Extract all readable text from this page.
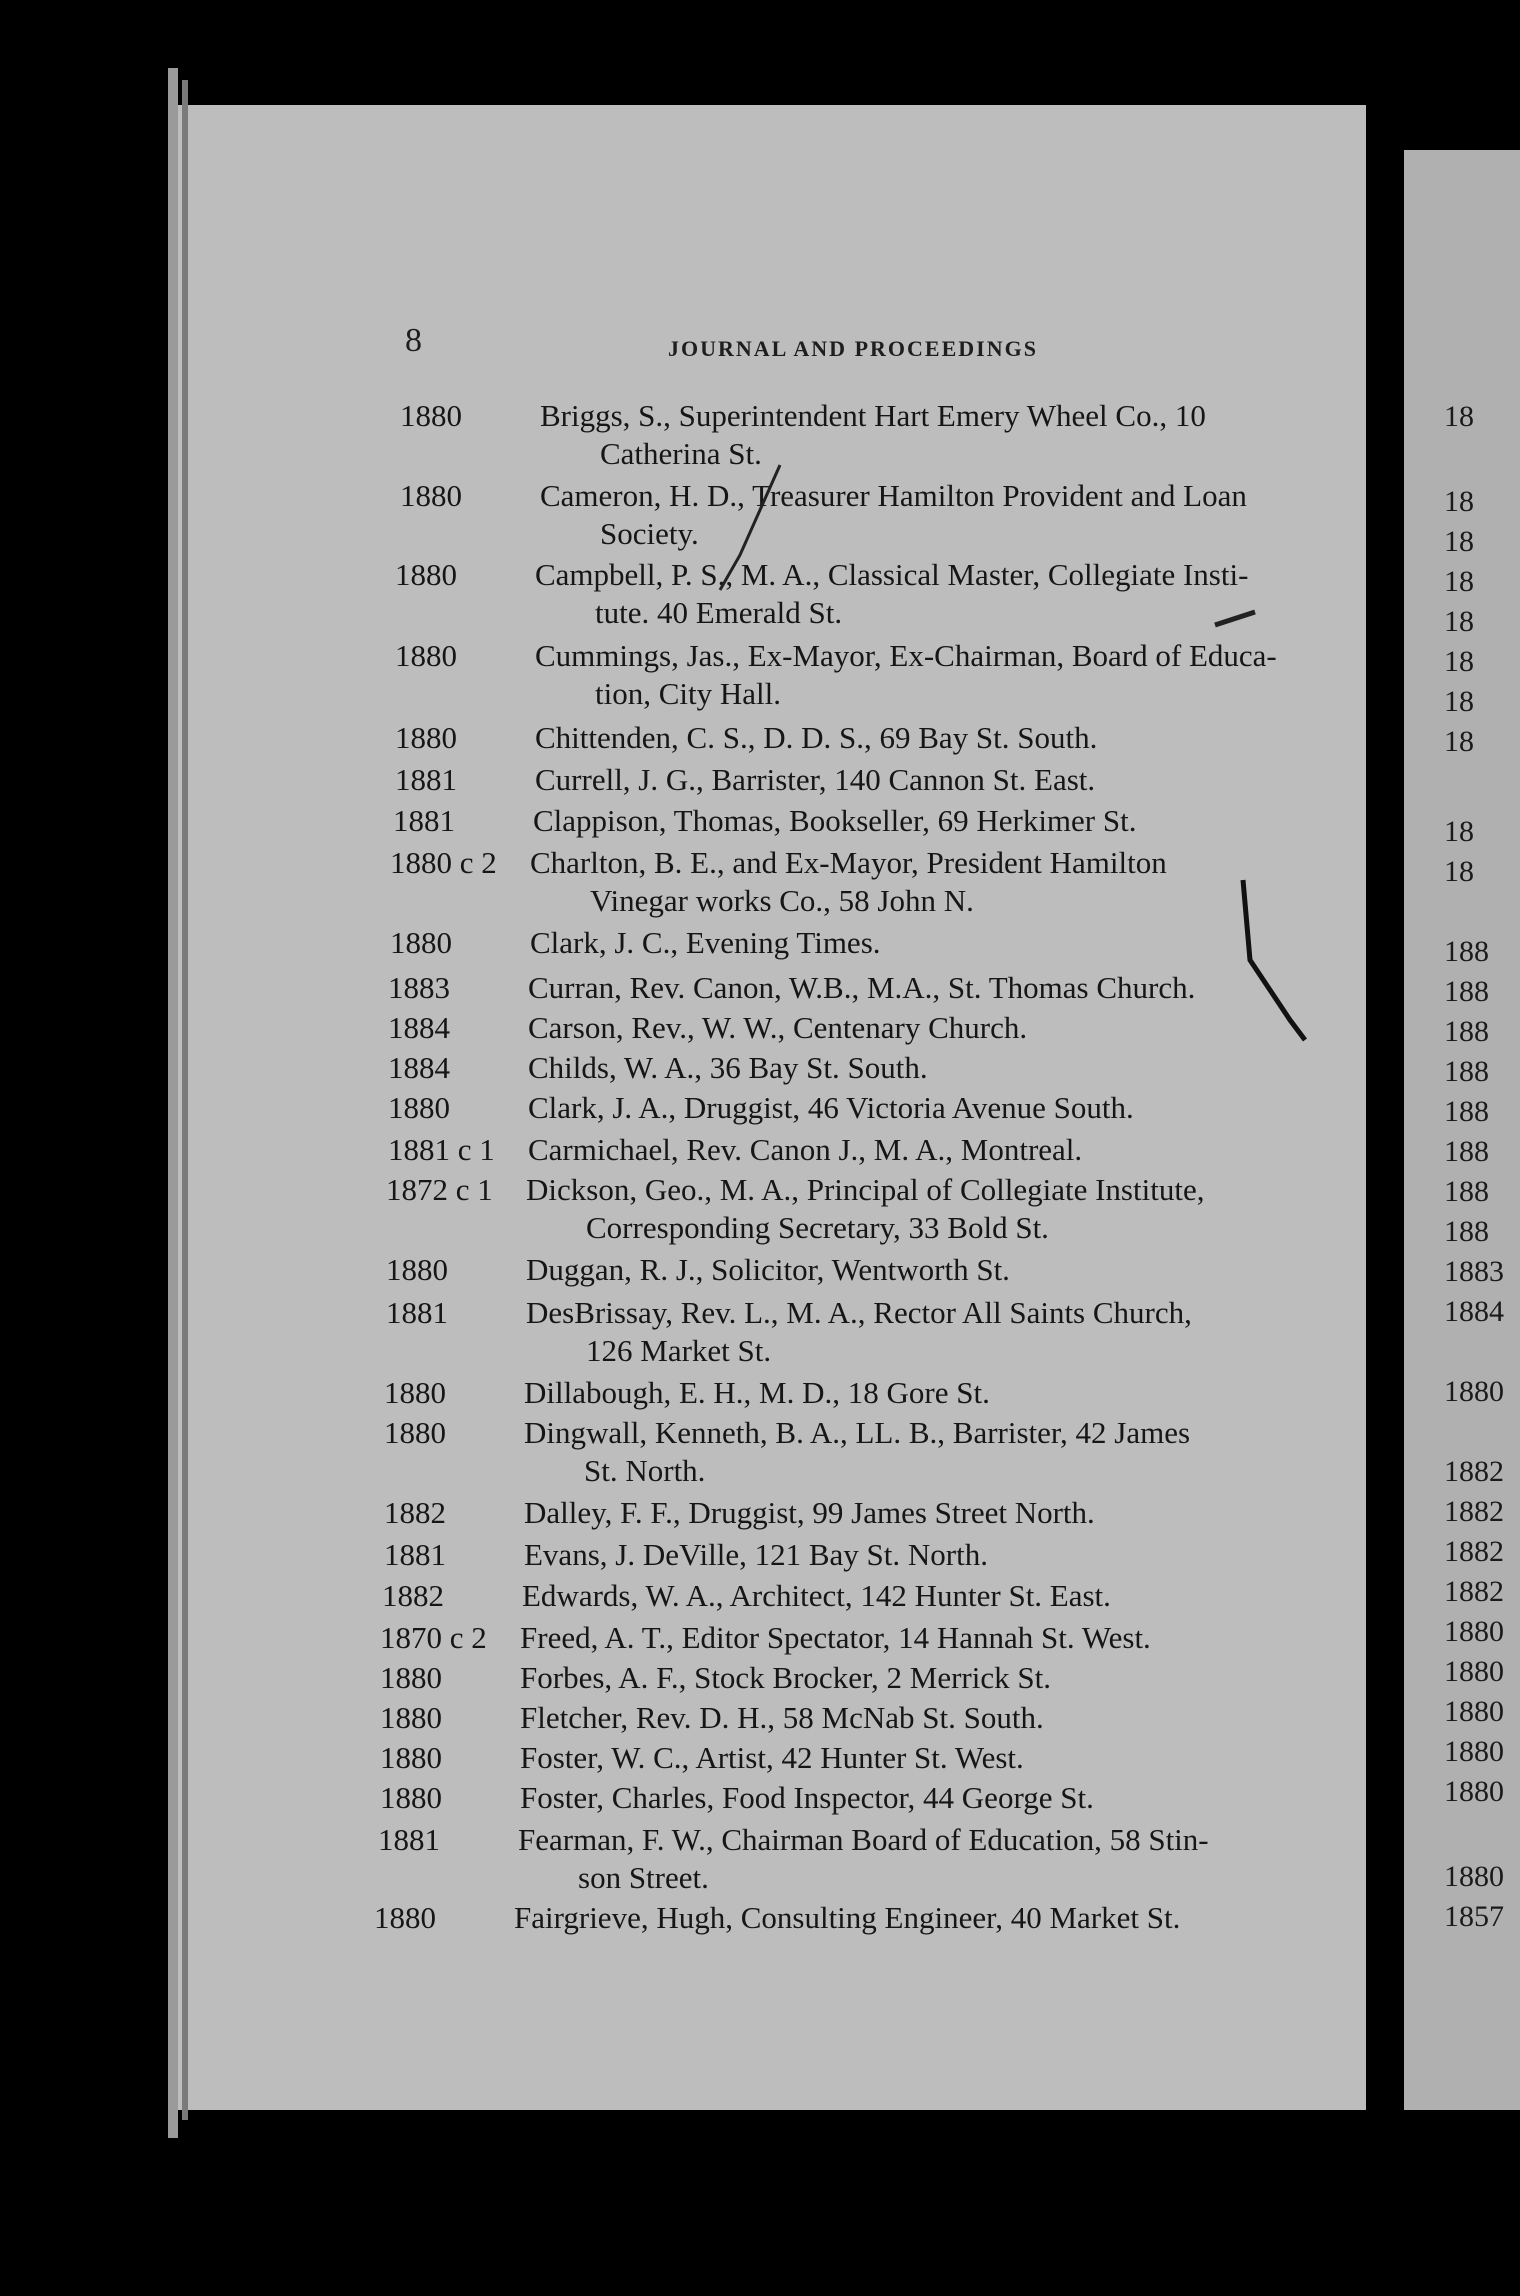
8	JOURNAL AND PROCEEDINGS
1880	Briggs, S., Superintendent Hart Emery Wheel Co., 10
Catherina St.
1880	Cameron, H. D., Treasurer Hamilton Provident and Loan
Society.
1880	Campbell, P. S., M. A., Classical Master, Collegiate Insti-
tute. 40 Emerald St.
1880	Cummings, Jas., Ex-Mayor, Ex-Chairman, Board of Educa-
tion, City Hall.
1880	Chittenden, C. S., D. D. S., 69 Bay St. South.
1881	Currell, J. G., Barrister, 140 Cannon St. East.
1881	Clappison, Thomas, Bookseller, 69 Herkimer St.
1880 c 2	Charlton, B. E., and Ex-Mayor, President Hamilton
Vinegar works Co., 58 John N.
1880	Clark, J. C., Evening Times.
1883	Curran, Rev. Canon, W.B., M.A., St. Thomas Church.
1884	Carson, Rev., W. W., Centenary Church.
1884	Childs, W. A., 36 Bay St. South.
1880	Clark, J. A., Druggist, 46 Victoria Avenue South.
1881 c 1	Carmichael, Rev. Canon J., M. A., Montreal.
1872 c 1	Dickson, Geo., M. A., Principal of Collegiate Institute,
Corresponding Secretary, 33 Bold St.
1880	Duggan, R. J., Solicitor, Wentworth St.
1881	DesBrissay, Rev. L., M. A., Rector All Saints Church,
126 Market St.
1880	Dillabough, E. H., M. D., 18 Gore St.
1880	Dingwall, Kenneth, B. A., LL. B., Barrister, 42 James
St. North.
1882	Dalley, F. F., Druggist, 99 James Street North.
1881	Evans, J. DeVille, 121 Bay St. North.
1882	Edwards, W. A., Architect, 142 Hunter St. East.
1870 c 2	Freed, A. T., Editor Spectator, 14 Hannah St. West.
1880	Forbes, A. F., Stock Brocker, 2 Merrick St.
1880	Fletcher, Rev. D. H., 58 McNab St. South.
1880	Foster, W. C., Artist, 42 Hunter St. West.
1880	Foster, Charles, Food Inspector, 44 George St.
1881	Fearman, F. W., Chairman Board of Education, 58 Stin-
son Street.
1880	Fairgrieve, Hugh, Consulting Engineer, 40 Market St.
18
18
18
18
18
18
18
18
18
18
188
188
188
188
188
188
188
188
1883
1884
1880
1882
1882
1882
1882
1880
1880
1880
1880
1880
1880
1857
